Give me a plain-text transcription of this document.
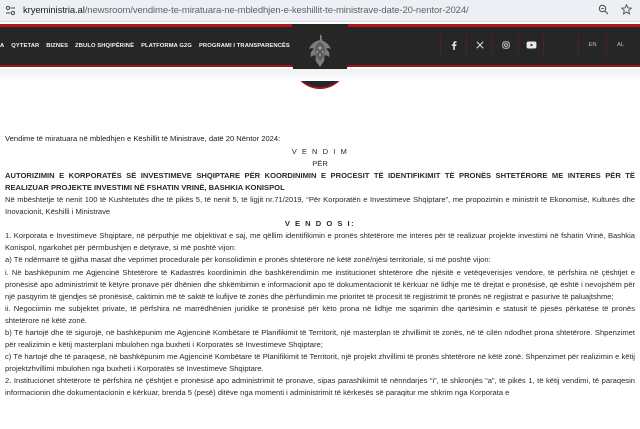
kryeministria.al/newsroom/vendime-te-miratuara-ne-mbledhjen-e-keshillit-te-ministrave-date-20-nentor-2024/
A QYTETAR BIZNES ZBULO SHQIPËRINË PLATFORMA G2G PROGRAMI I TRANSPARENCËS	EN	AL

Vendime të miratuara në mbledhjen e Këshillit të Ministrave, datë 20 Nëntor 2024:

V E N D I M

PËR

AUTORIZIMIN E KORPORATËS SË INVESTIMEVE SHQIPTARE PËR KOORDINIMIN E PROCESIT TË IDENTIFIKIMIT TË PRONËS SHTETËRORE ME INTERES PËR TË REALIZUAR PROJEKTE INVESTIMI NË FSHATIN VRINË, BASHKIA KONISPOL

Në mbështetje të nenit 100 të Kushtetutës dhe të pikës 5, të nenit 5, të ligjit nr.71/2019, “Për Korporatën e Investimeve Shqiptare”, me propozimin e ministrit të Ekonomisë, Kulturës dhe Inovacionit, Këshilli i Ministrave

V E N D O S I:

1. Korporata e Investimeve Shqiptare, në përputhje me objektivat e saj, me qëllim identifikimin e pronës shtetërore me interes për të realizuar projekte investimi në fshatin Vrinë, Bashkia Konispol, ngarkohet për përmbushjen e detyrave, si më poshtë vijon:

a) Të ndërmarrë të gjitha masat dhe veprimet procedurale për konsolidimin e pronës shtetërore në këtë zonë/njësi territoriale, si më poshtë vijon:

i. Në bashkëpunim me Agjencinë Shtetërore të Kadastrës koordinimin dhe bashkërendimin me institucionet shtetërore dhe njësitë e vetëqeverisjes vendore, të përfshira në çështjet e pronësisë apo administrimit të këtyre pronave për dhënien dhe shkëmbimin e informacionit apo të dokumentacionit të kërkuar në lidhje me të drejtat e pronësisë, që është i nevojshëm për një pasqyrim të gjendjes së pronësisë, caktimin më të saktë të kufijve të zonës dhe përfundimin me prioritet të procesit të regjistrimit të pronës në regjistrat e pasurive të paluajtshme;

ii. Negociimin me subjektet private, të përfshira në marrëdhënien juridike të pronësisë për këto prona në lidhje me sqarimin dhe qartësimin e statusit të pjesës përkatëse të pronës shtetërore në këtë zonë.

b) Të hartojë dhe të sigurojë, në bashkëpunim me Agjencinë Kombëtare të Planifikimit të Territorit, një masterplan të zhvillimit të zonës, në të cilën ndodhet prona shtetërore. Shpenzimet për realizimin e këtij masterplani mbulohen nga buxheti i Korporatës së Investimeve Shqiptare;

c) Të hartojë dhe të paraqesë, në bashkëpunim me Agjencinë Kombëtare të Planifikimit të Territorit, një projekt zhvillimi të pronës shtetërore në këtë zonë. Shpenzimet për realizimin e këtij projektzhvillimi mbulohen nga buxheti i Korporatës së Investimeve Shqiptare.

2. Institucionet shtetërore të përfshira në çështjet e pronësisë apo administrimit të pronave, sipas parashikimit të nënndarjes “i”, të shkronjës “a”, të pikës 1, të këtij vendimi, të paraqesin informacionin dhe dokumentacionin e kërkuar, brenda 5 (pesë) ditëve nga momenti i administrimit të kërkesës së paraqitur me shkrim nga Korporata e
